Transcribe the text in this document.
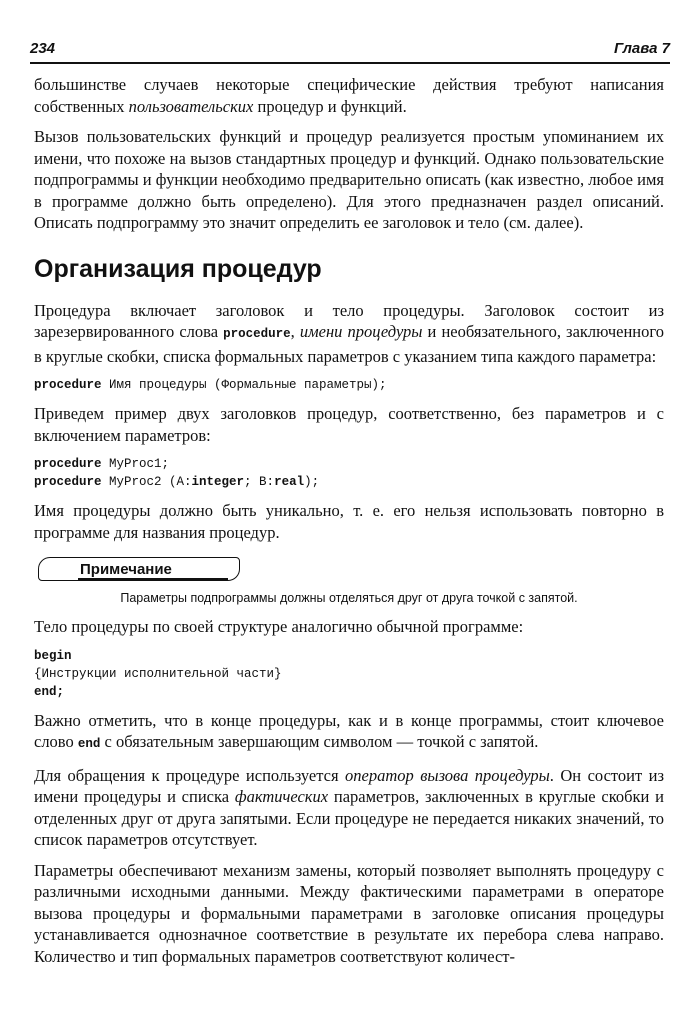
234	Глава 7

большинстве случаев некоторые специфические действия требуют написания собственных пользовательских процедур и функций.

Вызов пользовательских функций и процедур реализуется простым упоминанием их имени, что похоже на вызов стандартных процедур и функций. Однако пользовательские подпрограммы и функции необходимо предварительно описать (как известно, любое имя в программе должно быть определено). Для этого предназначен раздел описаний. Описать подпрограмму это значит определить ее заголовок и тело (см. далее).

Организация процедур

Процедура включает заголовок и тело процедуры. Заголовок состоит из зарезервированного слова procedure, имени процедуры и необязательного, заключенного в круглые скобки, списка формальных параметров с указанием типа каждого параметра:

procedure Имя процедуры (Формальные параметры);

Приведем пример двух заголовков процедур, соответственно, без параметров и с включением параметров:

procedure MyProc1;
procedure MyProc2 (A:integer; B:real);

Имя процедуры должно быть уникально, т. е. его нельзя использовать повторно в программе для названия процедур.

Примечание

Параметры подпрограммы должны отделяться друг от друга точкой с запятой.

Тело процедуры по своей структуре аналогично обычной программе:

begin
{Инструкции исполнительной части}
end;

Важно отметить, что в конце процедуры, как и в конце программы, стоит ключевое слово end с обязательным завершающим символом — точкой с запятой.

Для обращения к процедуре используется оператор вызова процедуры. Он состоит из имени процедуры и списка фактических параметров, заключенных в круглые скобки и отделенных друг от друга запятыми. Если процедуре не передается никаких значений, то список параметров отсутствует.

Параметры обеспечивают механизм замены, который позволяет выполнять процедуру с различными исходными данными. Между фактическими параметрами в операторе вызова процедуры и формальными параметрами в заголовке описания процедуры устанавливается однозначное соответствие в результате их перебора слева направо. Количество и тип формальных параметров соответствуют количест-
